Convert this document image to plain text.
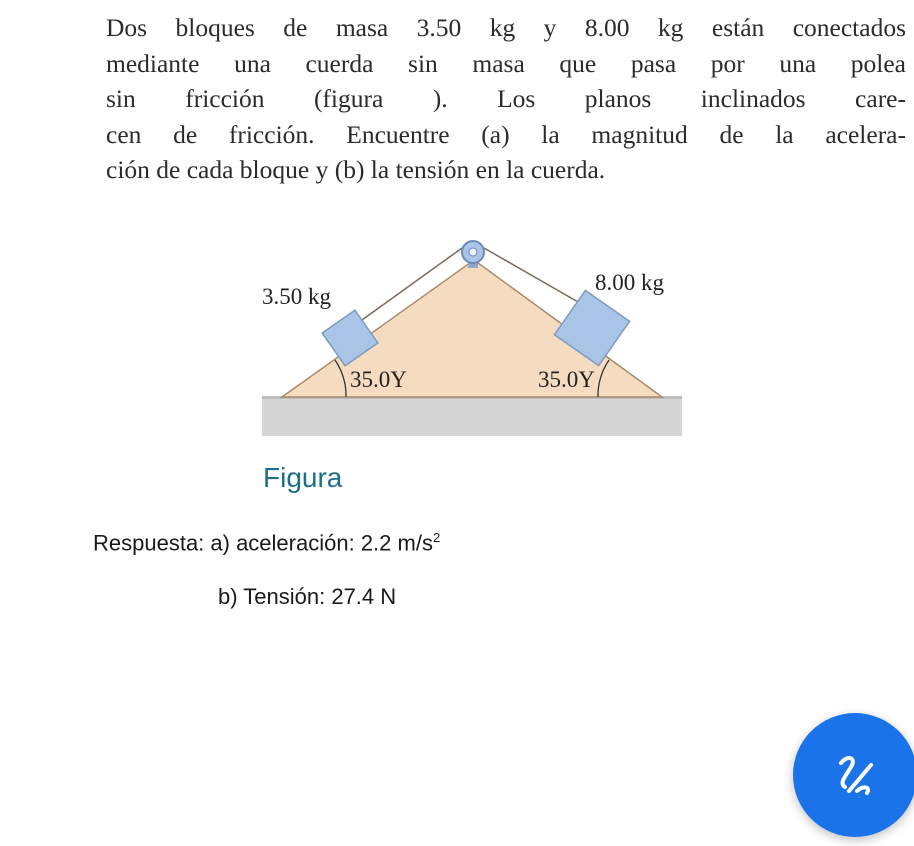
Dos bloques de masa 3.50 kg y 8.00 kg están conectados
mediante una cuerda sin masa que pasa por una polea
sin fricción (figura ). Los planos inclinados care-
cen de fricción. Encuentre (a) la magnitud de la acelera-
ción de cada bloque y (b) la tensión en la cuerda.
3.50 kg
8.00 kg
35.0Υ	35.0Υ
Figura
Respuesta: a) aceleración: 2.2 $m/s^2$
b) Tensión: 27.4 N
